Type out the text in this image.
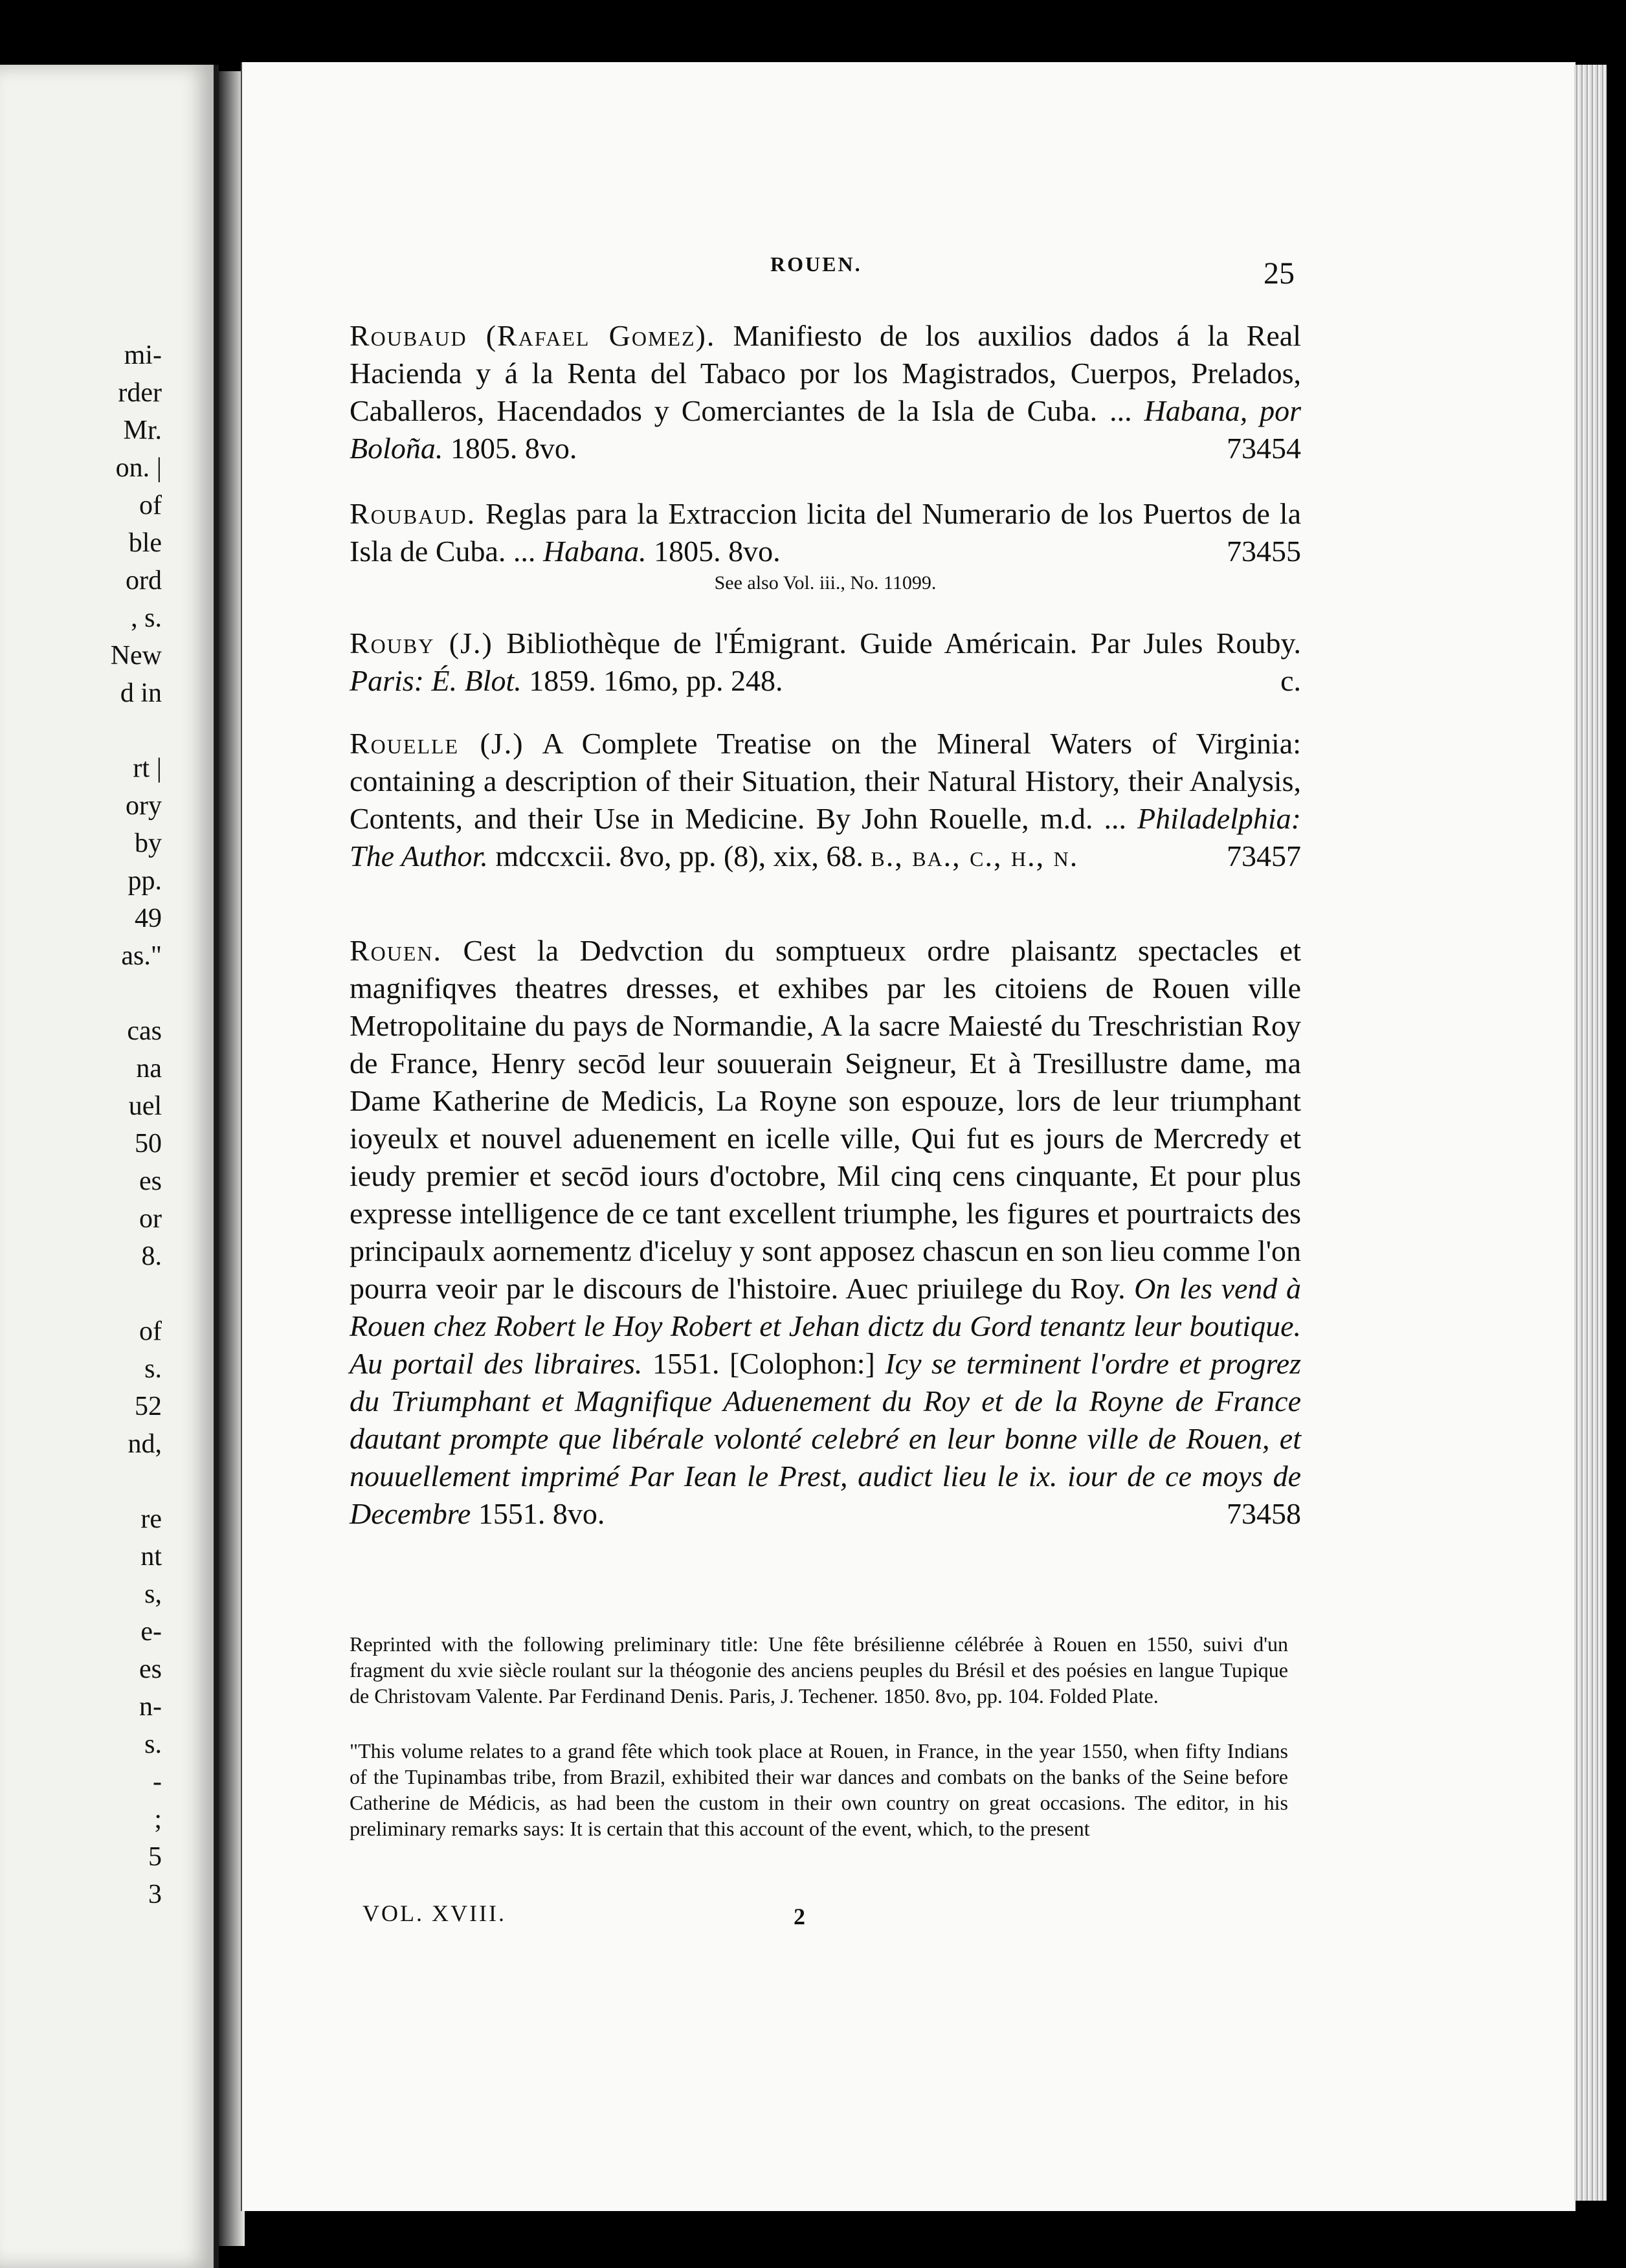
mi-
rder
Mr.
on. |
of
ble
ord
, s.
New
d in
rt |
ory
by
pp.
49
as."
cas
na
uel
50
es
or
8.
of
s.
52
nd,
re
nt
s,
e-
es
n-
s.
-
;
5
3
ROUEN.	25
Roubaud (Rafael Gomez). Manifiesto de los auxilios dados á la Real Hacienda y á la Renta del Tabaco por los Magistrados, Cuerpos, Prelados, Caballeros, Hacendados y Comerciantes de la Isla de Cuba. ... Habana, por Boloña. 1805. 8vo.	73454
Roubaud. Reglas para la Extraccion licita del Numerario de los Puertos de la Isla de Cuba. ... Habana. 1805. 8vo.	73455
See also Vol. iii., No. 11099.
Rouby (J.) Bibliothèque de l'Émigrant. Guide Américain. Par Jules Rouby. Paris: É. Blot. 1859. 16mo, pp. 248.	c.
Rouelle (J.) A Complete Treatise on the Mineral Waters of Virginia: containing a description of their Situation, their Natural History, their Analysis, Contents, and their Use in Medicine. By John Rouelle, m.d. ... Philadelphia: The Author. mdccxcii. 8vo, pp. (8), xix, 68. b., ba., c., h., n.	73457
Rouen. Cest la Dedvction du somptueux ordre plaisantz spectacles et magnifiqves theatres dresses, et exhibes par les citoiens de Rouen ville Metropolitaine du pays de Normandie, A la sacre Maiesté du Treschristian Roy de France, Henry secōd leur souuerain Seigneur, Et à Tresillustre dame, ma Dame Katherine de Medicis, La Royne son espouze, lors de leur triumphant ioyeulx et nouvel aduenement en icelle ville, Qui fut es jours de Mercredy et ieudy premier et secōd iours d'octobre, Mil cinq cens cinquante, Et pour plus expresse intelligence de ce tant excellent triumphe, les figures et pourtraicts des principaulx aornementz d'iceluy y sont apposez chascun en son lieu comme l'on pourra veoir par le discours de l'histoire. Auec priuilege du Roy. On les vend à Rouen chez Robert le Hoy Robert et Jehan dictz du Gord tenantz leur boutique. Au portail des libraires. 1551. [Colophon:] Icy se terminent l'ordre et progrez du Triumphant et Magnifique Aduenement du Roy et de la Royne de France dautant prompte que libérale volonté celebré en leur bonne ville de Rouen, et nouuellement imprimé Par Iean le Prest, audict lieu le ix. iour de ce moys de Decembre 1551. 8vo.	73458
Reprinted with the following preliminary title: Une fête brésilienne célébrée à Rouen en 1550, suivi d'un fragment du xvie siècle roulant sur la théogonie des anciens peuples du Brésil et des poésies en langue Tupique de Christovam Valente. Par Ferdinand Denis. Paris, J. Techener. 1850. 8vo, pp. 104. Folded Plate.
"This volume relates to a grand fête which took place at Rouen, in France, in the year 1550, when fifty Indians of the Tupinambas tribe, from Brazil, exhibited their war dances and combats on the banks of the Seine before Catherine de Médicis, as had been the custom in their own country on great occasions. The editor, in his preliminary remarks says: It is certain that this account of the event, which, to the present
VOL. XVIII.	2
